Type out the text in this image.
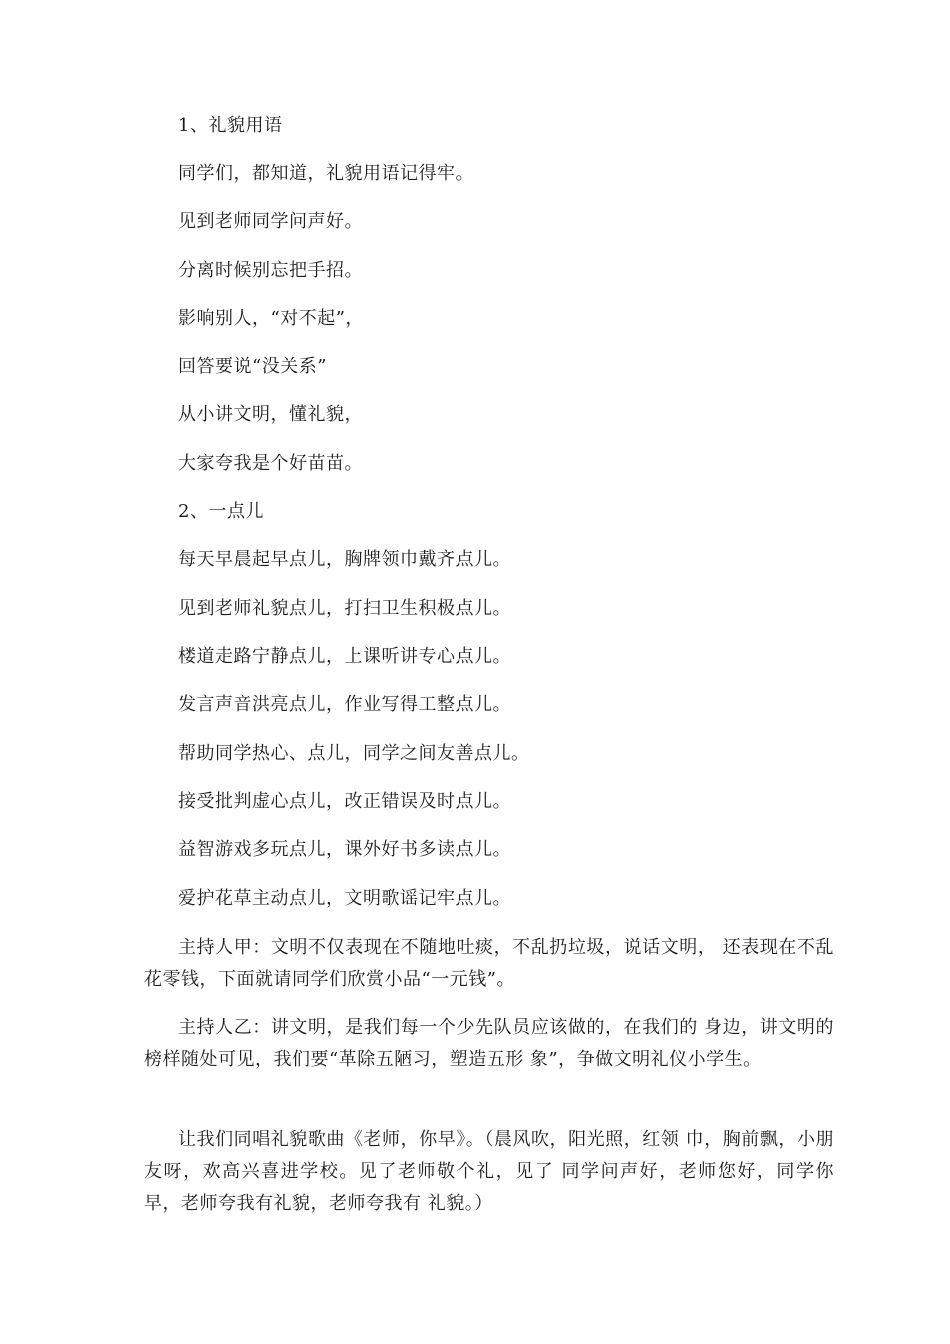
1、礼貌用语
同学们，都知道，礼貌用语记得牢。
见到老师同学问声好。
分离时候别忘把手招。
影响别人，“对不起”，
回答要说“没关系”
从小讲文明，懂礼貌，
大家夸我是个好苗苗。
2、一点儿
每天早晨起早点儿，胸牌领巾戴齐点儿。
见到老师礼貌点儿，打扫卫生积极点儿。
楼道走路宁静点儿，上课听讲专心点儿。
发言声音洪亮点儿，作业写得工整点儿。
帮助同学热心、点儿，同学之间友善点儿。
接受批判虚心点儿，改正错误及时点儿。
益智游戏多玩点儿，课外好书多读点儿。
爱护花草主动点儿，文明歌谣记牢点儿。
主持人甲：文明不仅表现在不随地吐痰，不乱扔垃圾，说话文明， 还表现在不乱花零钱，下面就请同学们欣赏小品“一元钱”。
主持人乙：讲文明，是我们每一个少先队员应该做的，在我们的 身边，讲文明的榜样随处可见，我们要“革除五陋习，塑造五形 象”，争做文明礼仪小学生。
让我们同唱礼貌歌曲《老师，你早》。（晨风吹，阳光照，红领 巾，胸前飘，小朋友呀，欢高兴喜进学校。见了老师敬个礼，见了 同学问声好，老师您好，同学你早，老师夸我有礼貌，老师夸我有 礼貌。）
